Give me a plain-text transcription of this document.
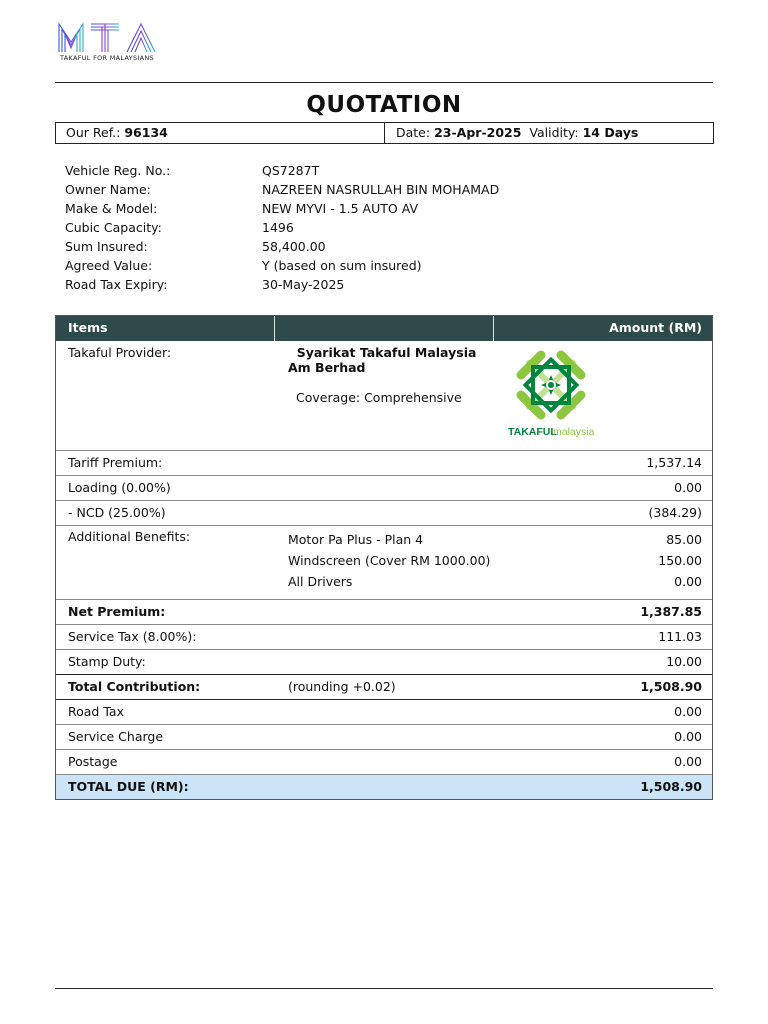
TAKAFUL FOR MALAYSIANS
QUOTATION
Our Ref.: 96134	Date: 23-Apr-2025 Validity: 14 Days
Vehicle Reg. No.:	QS7287T
Owner Name:	NAZREEN NASRULLAH BIN MOHAMAD
Make & Model:	NEW MYVI - 1.5 AUTO AV
Cubic Capacity:	1496
Sum Insured:	58,400.00
Agreed Value:	Y (based on sum insured)
Road Tax Expiry:	30-May-2025
Items	Amount (RM)
Takaful Provider:	Syarikat Takaful Malaysia Am Berhad
Coverage: Comprehensive
TAKAFUL
malaysia
Tariff Premium:	1,537.14
Loading (0.00%)	0.00
- NCD (25.00%)	(384.29)
Additional Benefits:	Motor Pa Plus - Plan 4	85.00
Windscreen (Cover RM 1000.00)	150.00
All Drivers	0.00
Net Premium:	1,387.85
Service Tax (8.00%):	111.03
Stamp Duty:	10.00
Total Contribution:	(rounding +0.02)	1,508.90
Road Tax	0.00
Service Charge	0.00
Postage	0.00
TOTAL DUE (RM):	1,508.90
